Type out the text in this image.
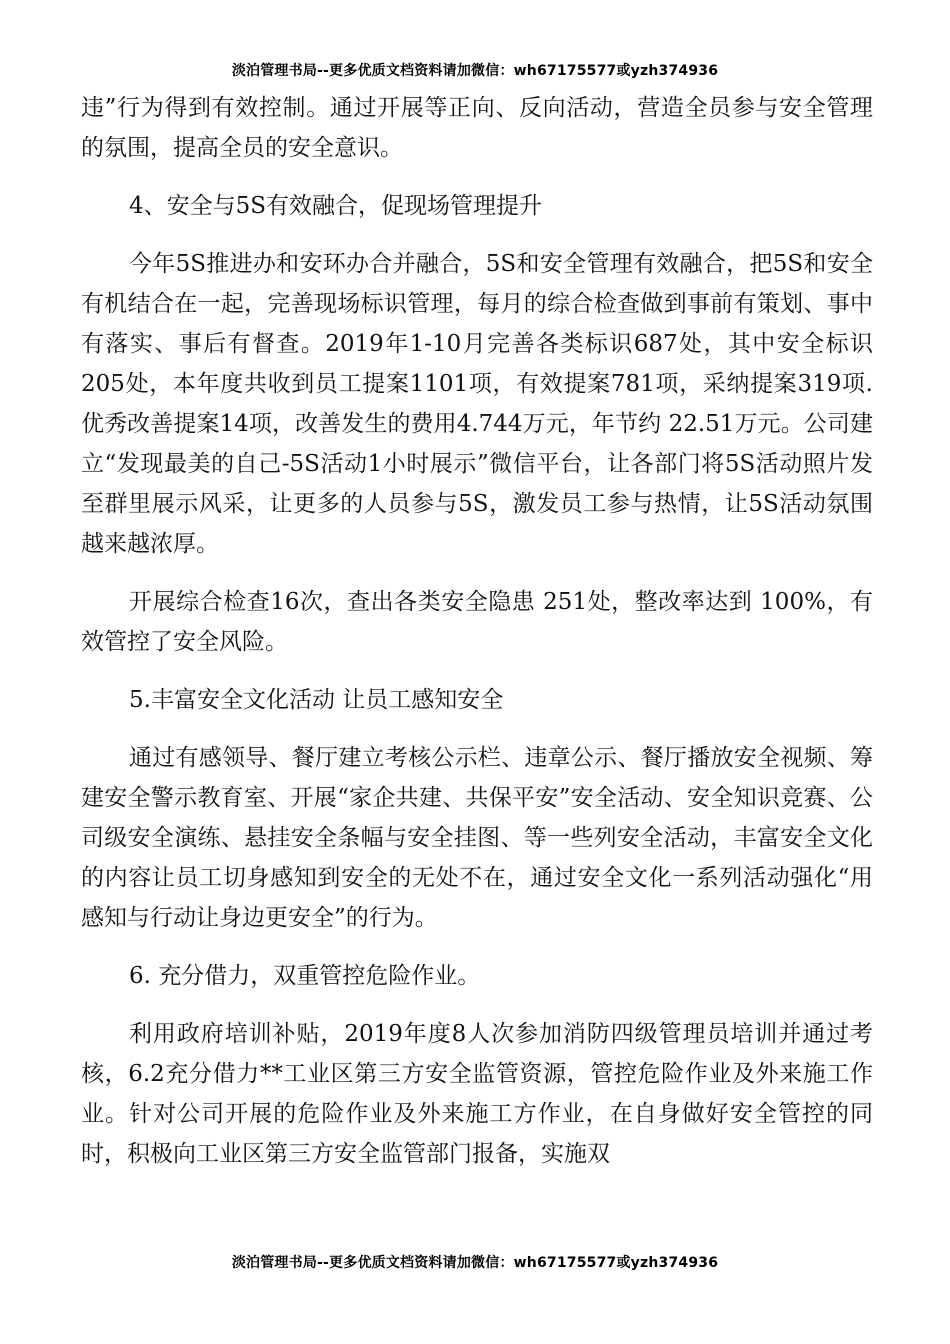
淡泊管理书局--更多优质文档资料请加微信：wh67175577或yzh374936

违”行为得到有效控制。通过开展等正向、反向活动，营造全员参与安全管理的氛围，提高全员的安全意识。

4、安全与5S有效融合，促现场管理提升

今年5S推进办和安环办合并融合，5S和安全管理有效融合，把5S和安全有机结合在一起，完善现场标识管理，每月的综合检查做到事前有策划、事中有落实、事后有督查。2019年1-10月完善各类标识687处，其中安全标识205处，本年度共收到员工提案1101项，有效提案781项，采纳提案319项.优秀改善提案14项，改善发生的费用4.744万元，年节约 22.51万元。公司建立“发现最美的自己-5S活动1小时展示”微信平台，让各部门将5S活动照片发至群里展示风采，让更多的人员参与5S，激发员工参与热情，让5S活动氛围越来越浓厚。

开展综合检查16次，查出各类安全隐患 251处，整改率达到 100%，有效管控了安全风险。

5.丰富安全文化活动 让员工感知安全

通过有感领导、餐厅建立考核公示栏、违章公示、餐厅播放安全视频、筹建安全警示教育室、开展“家企共建、共保平安”安全活动、安全知识竞赛、公司级安全演练、悬挂安全条幅与安全挂图、等一些列安全活动，丰富安全文化的内容让员工切身感知到安全的无处不在，通过安全文化一系列活动强化“用感知与行动让身边更安全”的行为。

6. 充分借力，双重管控危险作业。

利用政府培训补贴，2019年度8人次参加消防四级管理员培训并通过考核，6.2充分借力**工业区第三方安全监管资源，管控危险作业及外来施工作业。针对公司开展的危险作业及外来施工方作业，在自身做好安全管控的同时，积极向工业区第三方安全监管部门报备，实施双

淡泊管理书局--更多优质文档资料请加微信：wh67175577或yzh374936
